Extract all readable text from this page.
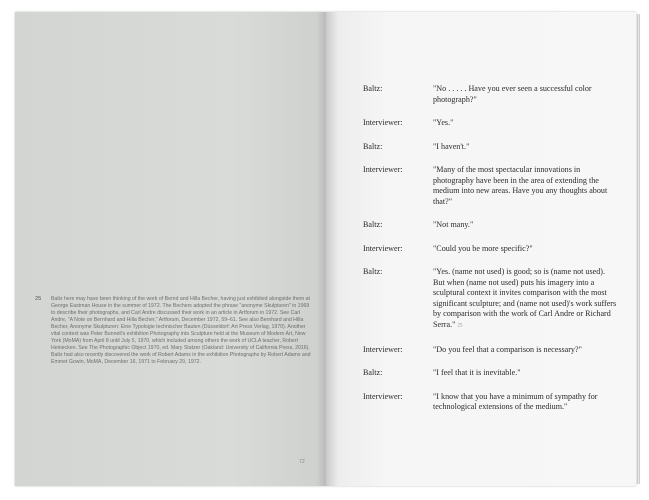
25 Baltz here may have been thinking of the work of Bernd and Hilla Becher, having just exhibited alongside them at George Eastman House in the summer of 1972. The Bechers adopted the phrase "anonyme Skulpturen" in 1969 to describe their photographs, and Carl Andre discussed their work in an article in Artforum in 1972. See Carl Andre, "A Note on Bernhard and Hilla Becher," Artforum, December 1972, 59–61. See also Bernhard and Hilla Becher, Anonyme Skulpturen: Eine Typologie technischer Bauten (Düsseldorf: Art Press Verlag, 1970). Another vital context was Peter Bunnell's exhibition Photography into Sculpture held at the Museum of Modern Art, New York (MoMA) from April 8 until July 5, 1970, which included among others the work of UCLA teacher, Robert Heinecken. See The Photographic Object 1970, ed. Mary Statzer (Oakland: University of California Press, 2016). Baltz had also recently discovered the work of Robert Adams in the exhibition Photographs by Robert Adams and Emmet Gowin, MoMA, December 16, 1971 to February 29, 1972.
72
Baltz:	"No . . . . . Have you ever seen a successful color photograph?"
Interviewer:	"Yes."
Baltz:	"I haven't."
Interviewer:	"Many of the most spectacular innovations in photography have been in the area of extending the medium into new areas. Have you any thoughts about that?"
Baltz:	"Not many."
Interviewer:	"Could you be more specific?"
Baltz:	"Yes. (name not used) is good; so is (name not used). But when (name not used) puts his imagery into a sculptural context it invites comparison with the most significant sculpture; and (name not used)'s work suffers by comparison with the work of Carl Andre or Richard Serra." 25
Interviewer:	"Do you feel that a comparison is necessary?"
Baltz:	"I feel that it is inevitable."
Interviewer:	"I know that you have a minimum of sympathy for technological extensions of the medium."
